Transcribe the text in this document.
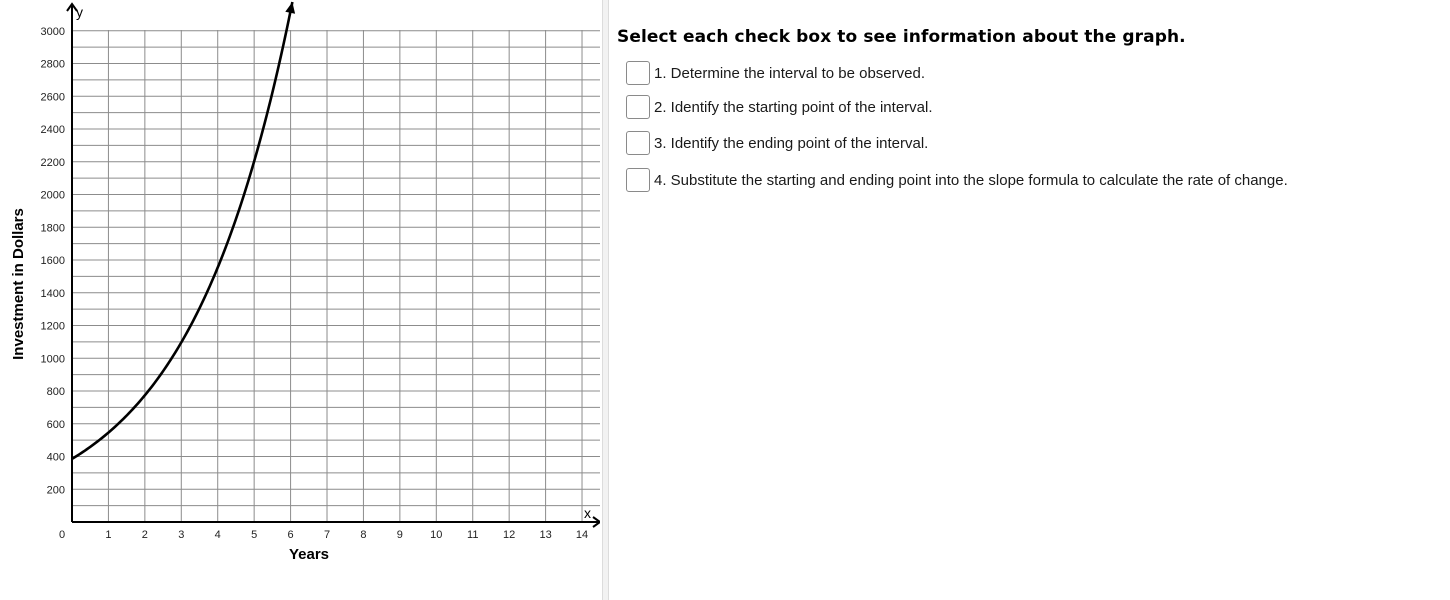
0	1	2	3	4	5	6	7	8	9 10 11 12 13 14
200
400
600
800
1000
1200
1400
1600
1800
2000
2200
2400
2600
2800
3000
Years
Investment in Dollars
x
y
Select each check box to see information about the graph.
1. Determine the interval to be observed.
2. Identify the starting point of the interval.
3. Identify the ending point of the interval.
4. Substitute the starting and ending point into the slope formula to calculate the rate of change.
